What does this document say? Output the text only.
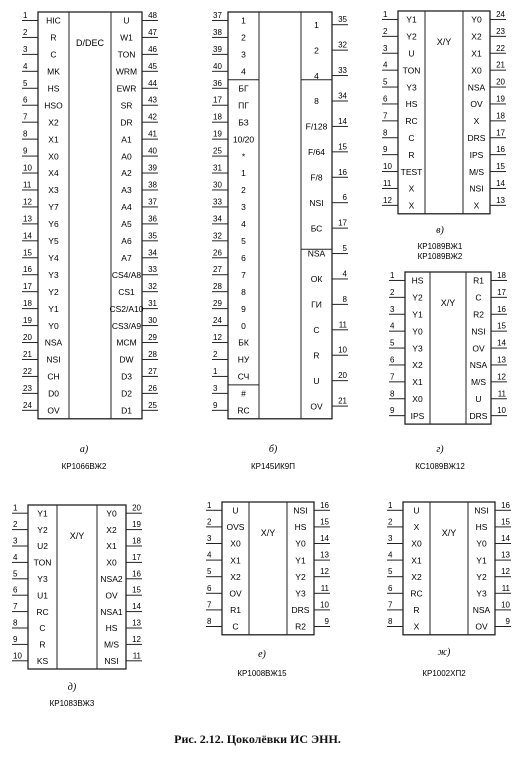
D/DEC
1
HIC
2
R
3
C
4
MK
5
HS
6
HSO
7
X2
8
X1
9
X0
10
X4
11
X3
12
Y7
13
Y6
14
Y5
15
Y4
16
Y3
17
Y2
18
Y1
19
Y0
20
NSA
21
NSI
22
CH
23
D0
24
OV
48
U
47
W1
46
TON
45
WRM
44
EWR
43
SR
42
DR
41
A1
40
A0
39
A2
38
A3
37
A4
36
A5
35
A6
34
A7
33
CS4/A8
32
CS1
31
CS2/A10
30
CS3/A9
29
MCM
28
DW
27
D3
26
D2
25
D1
а)
КР1066ВЖ2
37
1
38
2
39
3
40
4
36
БГ
17
ПГ
18
БЗ
19
10/20
25
*
31
1
30
2
33
3
34
4
32
5
26
6
27
7
28
8
29
9
24
0
12
БК
2
НУ
1
СЧ
3
#
9
RC
35
1
32
2
33
4
34
8
14
F/128
15
F/64
16
F/8
6
NSI
17
БС
5
NSA
4
ОК
8
ГИ
11
C
10
R
20
U
21
OV
б)
КР145ИК9П
X/Y
1
Y1
2
Y2
3
U
4
TON
5
Y3
6
HS
7
RC
8
C
9
R
10
TEST
11
X
12
X
24
Y0
23
X2
22
X1
21
X0
20
NSA
19
OV
18
X
17
DRS
16
IPS
15
M/S
14
NSI
13
X
в)
КР1089ВЖ1
КР1089ВЖ2
X/Y
1
HS
2
Y2
3
Y1
4
Y0
5
Y3
6
X2
7
X1
8
X0
9
IPS
18
R1
17
C
16
R2
15
NSI
14
OV
13
NSA
12
M/S
11
U
10
DRS
г)
КС1089ВЖ12
X/Y
1
Y1
2
Y2
3
U2
4
TON
5
Y3
6
U1
7
RC
8
C
9
R
10
KS
20
Y0
19
X2
18
X1
17
X0
16
NSA2
15
OV
14
NSA1
13
HS
12
M/S
11
NSI
д)
КР1083ВЖ3
X/Y
1
U
2
OVS
3
X0
4
X1
5
X2
6
OV
7
R1
8
C
16
NSI
15
HS
14
Y0
13
Y1
12
Y2
11
Y3
10
DRS
9
R2
е)
КР1008ВЖ15
X/Y
1
U
2
X
3
X0
4
X1
5
X2
6
RC
7
R
8
X
16
NSI
15
HS
14
Y0
13
Y1
12
Y2
11
Y3
10
NSA
9
OV
ж)
КР1002ХП2
Рис. 2.12. Цоколёвки ИС ЭНН.
